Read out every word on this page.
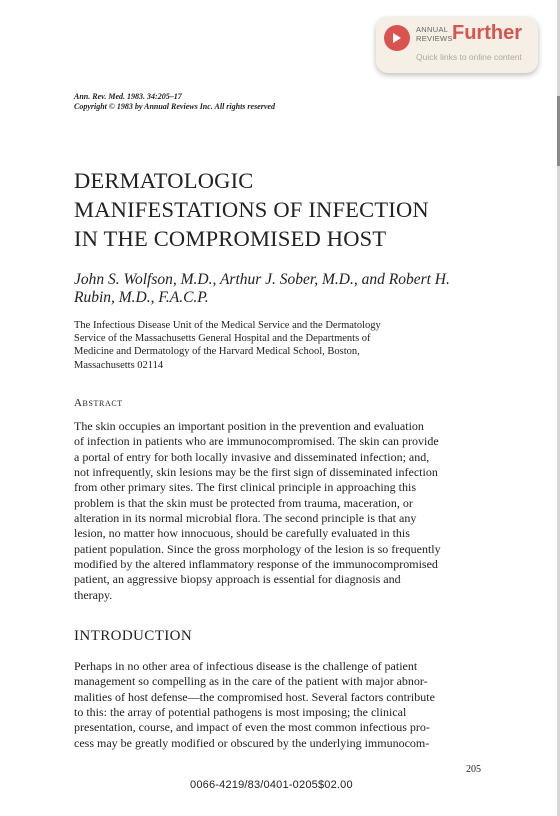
ANNUAL
REVIEWS Further
Quick links to online content
Ann. Rev. Med. 1983. 34:205–17
Copyright © 1983 by Annual Reviews Inc. All rights reserved
DERMATOLOGIC
MANIFESTATIONS OF INFECTION
IN THE COMPROMISED HOST
John S. Wolfson, M.D., Arthur J. Sober, M.D., and Robert H. Rubin, M.D., F.A.C.P.
The Infectious Disease Unit of the Medical Service and the Dermatology
Service of the Massachusetts General Hospital and the Departments of
Medicine and Dermatology of the Harvard Medical School, Boston,
Massachusetts 02114
Abstract
The skin occupies an important position in the prevention and evaluation
of infection in patients who are immunocompromised. The skin can provide
a portal of entry for both locally invasive and disseminated infection; and,
not infrequently, skin lesions may be the first sign of disseminated infection
from other primary sites. The first clinical principle in approaching this
problem is that the skin must be protected from trauma, maceration, or
alteration in its normal microbial flora. The second principle is that any
lesion, no matter how innocuous, should be carefully evaluated in this
patient population. Since the gross morphology of the lesion is so frequently
modified by the altered inflammatory response of the immunocompromised
patient, an aggressive biopsy approach is essential for diagnosis and
therapy.
INTRODUCTION
Perhaps in no other area of infectious disease is the challenge of patient
management so compelling as in the care of the patient with major abnor-
malities of host defense—the compromised host. Several factors contribute
to this: the array of potential pathogens is most imposing; the clinical
presentation, course, and impact of even the most common infectious pro-
cess may be greatly modified or obscured by the underlying immunocom-
205
0066-4219/83/0401-0205$02.00
